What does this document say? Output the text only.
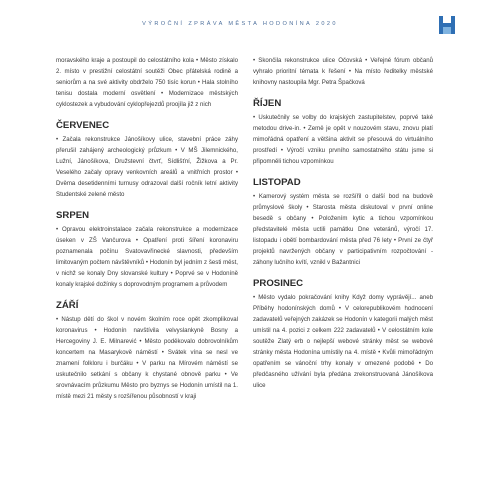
VÝROČNÍ ZPRÁVA MĚSTA HODONÍNA 2020

moravského kraje a postoupil do celostátního kola • Město získalo 2. místo v prestižní celostátní soutěži Obec přátelská rodině a seniorům a na své aktivity obdrželo 750 tisíc korun • Hala stolního tenisu dostala moderní osvětlení • Modernizace městských cyklostezek a vybudování cyklopřejezdů proojíla již z nich

ČERVENEC

• Začala rekonstrukce Jánošíkovy ulice, stavební práce záhy přerušil zahájený archeologický průzkum • V MŠ Jilemnického, Lužní, Jánošíkova, Družstevní čtvrť, Sídlišťní, Žižkova a Pr. Veselého začaly opravy venkovních areálů a vnitřních prostor • Dvěma desetidenními turnusy odrazoval další ročník letní aktivity Studentské zelené město

SRPEN

• Opravou elektroinstalace začala rekonstrukce a modernizace úseken v ZŠ Vančurova • Opatření proti šíření koronaviru poznamenala počínu Svatovavřinecké slavnosti, především limitovaným počtem návštěvníků • Hodonín byl jedním z šesti měst, v nichž se konaly Dny slovanské kultury • Poprvé se v Hodoníně konaly krajské dožínky s doprovodným programem a průvodem

ZÁŘÍ

• Nástup dětí do škol v novém školním roce opět zkomplikoval koronavirus • Hodonín navštívila velvyslankyně Bosny a Hercegoviny J. E. Milnarević • Město poděkovalo dobrovolníkům koncertem na Masarykově náměstí • Svátek vína se nesl ve znamení folkloru i burčáku • V parku na Mírovém náměstí se uskutečnilo setkání s občany k chystané obnově parku • Ve srovnávacím průzkumu Město pro byznys se Hodonín umístil na 1. místě mezi 21 městy s rozšířenou působností v kraji

• Skončila rekonstrukce ulice Očovská • Veřejné fórum občanů vyhralo prioritní témata k řešení • Na místo ředitelky městské knihovny nastoupila Mgr. Petra Špačková

ŘÍJEN

• Uskutečnily se volby do krajských zastupitelstev, poprvé také metodou drive-in. • Země je opět v nouzovém stavu, znovu platí mimořádná opatření a většina aktivit se přesouvá do virtuálního prostředí • Výročí vzniku prvního samostatného státu jsme si připomněli tichou vzpomínkou

LISTOPAD

• Kamerový systém města se rozšířil o další bod na budově průmyslové školy • Starosta města diskutoval v první online besedě s občany • Položením kytic a tichou vzpomínkou představitelé města uctili památku Dne veteránů, výročí 17. listopadu i obětí bombardování města před 76 lety • První ze čtyř projektů navržených občany v participativním rozpočtování - záhony lučního kvítí, vznikl v Bažantnici

PROSINEC

• Město vydalo pokračování knihy Když domy vyprávějí... aneb Příběhy hodonínských domů • V celorepublikovém hodnocení zadavatelů veřejných zakázek se Hodonín v kategorii malých měst umístil na 4. pozici z celkem 222 zadavatelů • V celostátním kole soutěže Zlatý erb o nejlepší webové stránky měst se webové stránky města Hodonína umístily na 4. místě • Kvůli mimořádným opatřením se vánoční trhy konaly v omezené podobě • Do předčasného užívání byla předána zrekonstruovaná Jánošíkova ulice
